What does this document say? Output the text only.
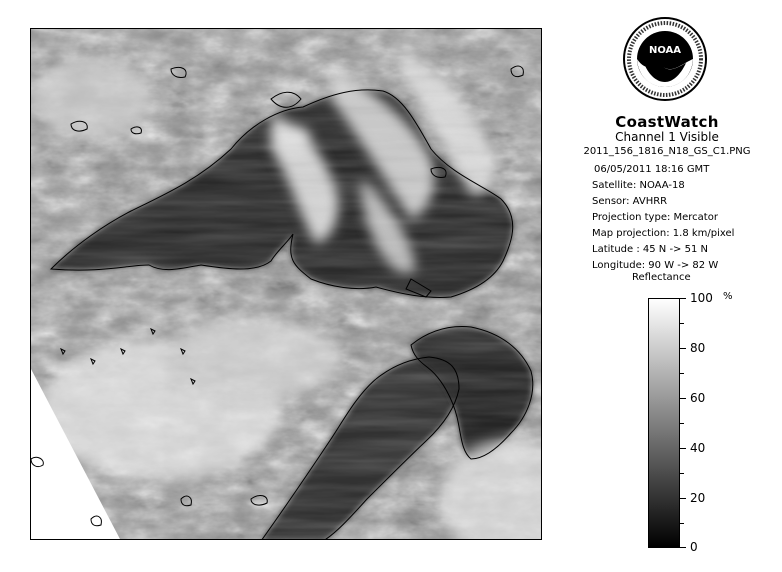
NOAA
CoastWatch
Channel 1 Visible
2011_156_1816_N18_GS_C1.PNG
06/05/2011 18:16 GMT
Satellite: NOAA-18
Sensor: AVHRR
Projection type: Mercator
Map projection: 1.8 km/pixel
Latitude : 45 N -> 51 N
Longitude: 90 W -> 82 W
Reflectance
%
100
80
60
40
20
0
